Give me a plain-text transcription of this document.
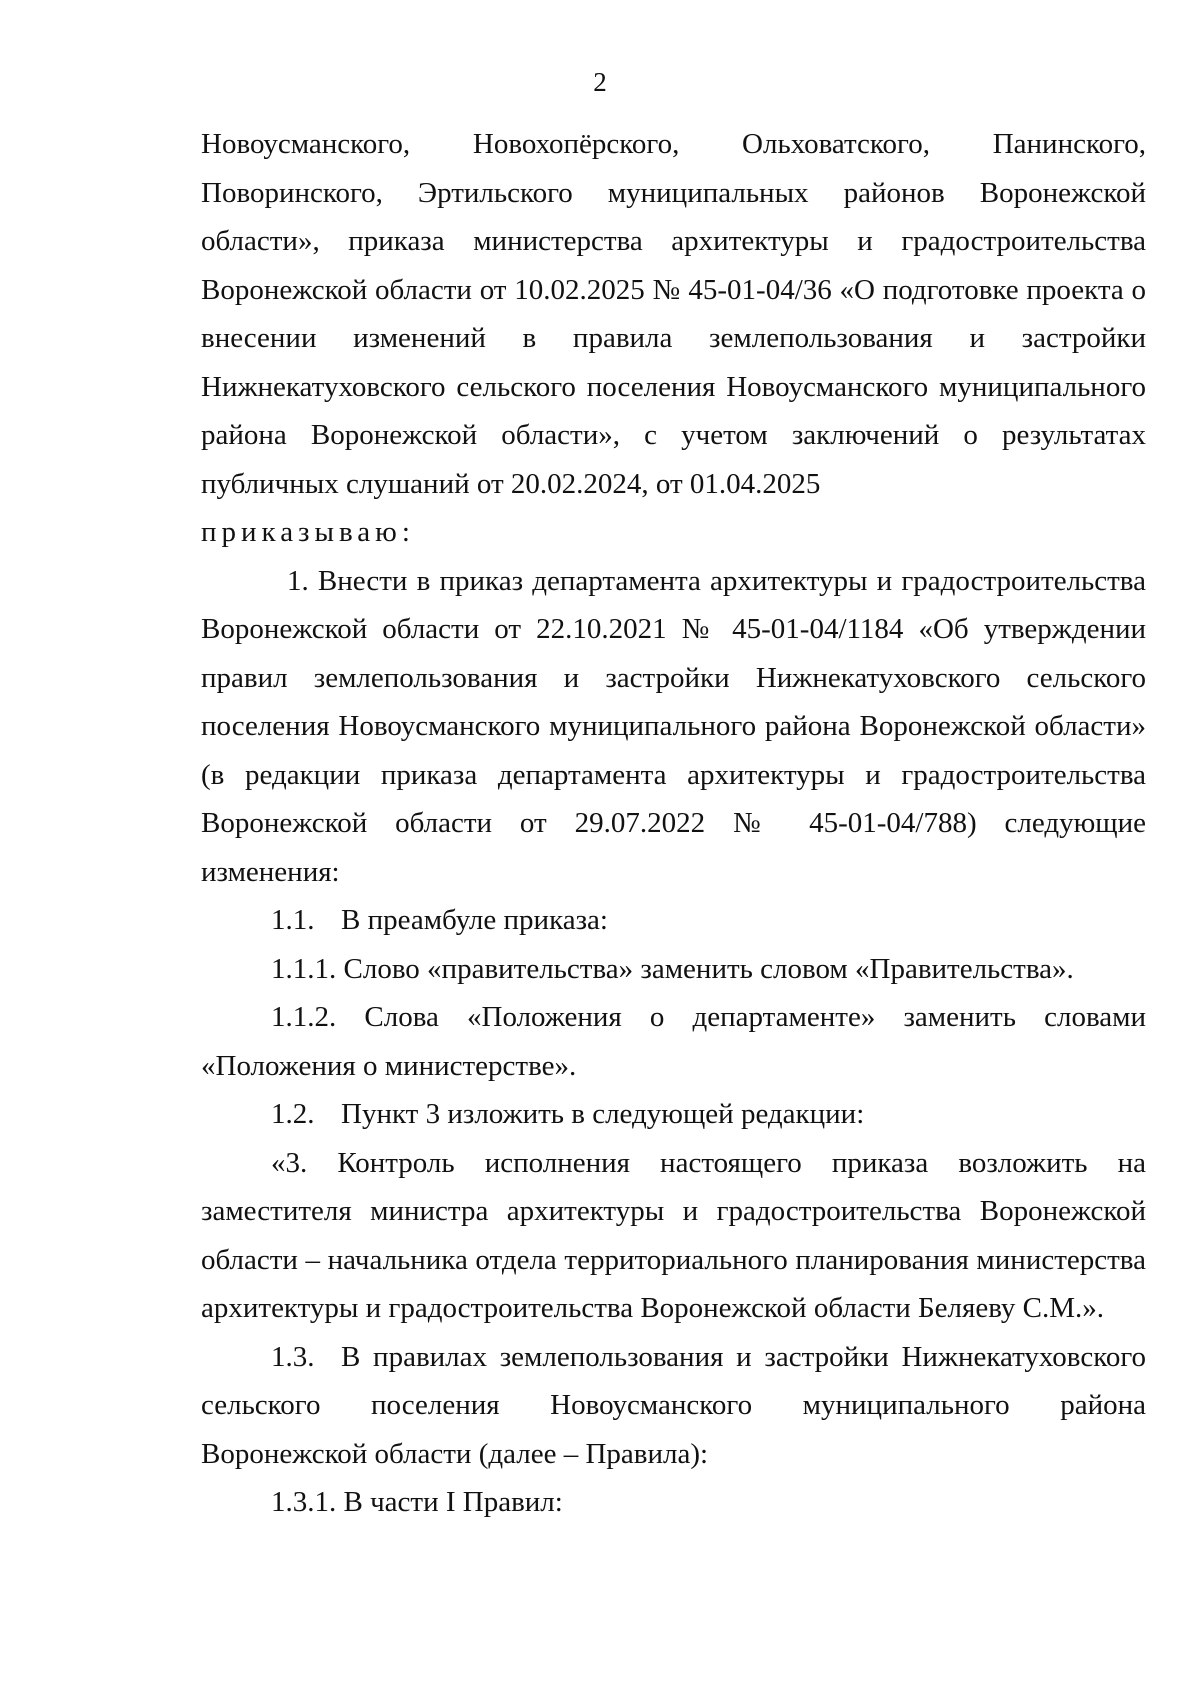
2

Новоусманского, Новохопёрского, Ольховатского, Панинского, Поворинского, Эртильского муниципальных районов Воронежской области», приказа министерства архитектуры и градостроительства Воронежской области от 10.02.2025 № 45-01-04/36 «О подготовке проекта о внесении изменений в правила землепользования и застройки Нижнекатуховского сельского поселения Новоусманского муниципального района Воронежской области», с учетом заключений о результатах публичных слушаний от 20.02.2024, от 01.04.2025

приказываю:

1. Внести в приказ департамента архитектуры и градостроительства Воронежской области от 22.10.2021 № 45-01-04/1184 «Об утверждении правил землепользования и застройки Нижнекатуховского сельского поселения Новоусманского муниципального района Воронежской области» (в редакции приказа департамента архитектуры и градостроительства Воронежской области от 29.07.2022 № 45-01-04/788) следующие изменения:

1.1. В преамбуле приказа:

1.1.1. Слово «правительства» заменить словом «Правительства».

1.1.2. Слова «Положения о департаменте» заменить словами «Положения о министерстве».

1.2. Пункт 3 изложить в следующей редакции:

«3. Контроль исполнения настоящего приказа возложить на заместителя министра архитектуры и градостроительства Воронежской области – начальника отдела территориального планирования министерства архитектуры и градостроительства Воронежской области Беляеву С.М.».

1.3. В правилах землепользования и застройки Нижнекатуховского сельского поселения Новоусманского муниципального района Воронежской области (далее – Правила):

1.3.1. В части I Правил:
